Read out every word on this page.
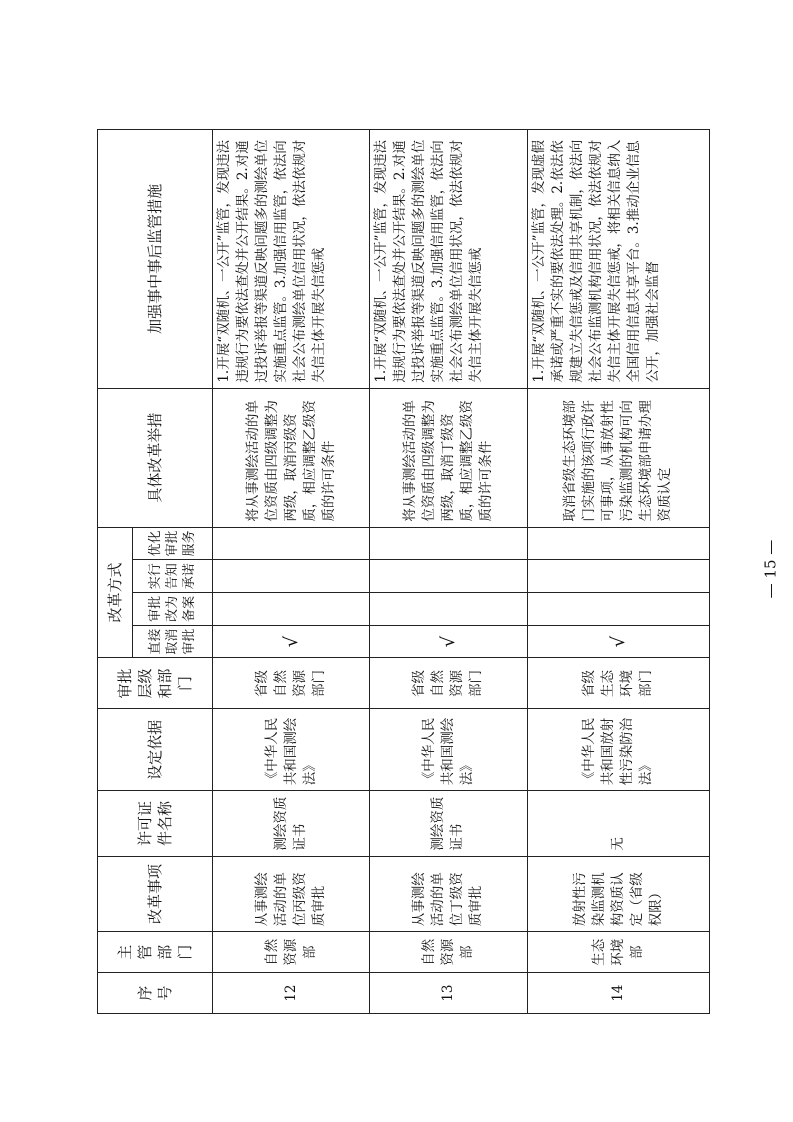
序号	主管部门	改革事项	许可证件名称	设定依据	审批层级和部门	改革方式				具体改革举措	加强事中事后监管措施
						直接取消审批	审批改为备案	实行告知承诺	优化审批服务		
12	自然资源部	从事测绘活动的单位丙级资质审批	测绘资质证书	《中华人民共和国测绘法》	省级自然资源部门	√				将从事测绘活动的单位资质由四级调整为两级，取消丙级资质，相应调整乙级资质的许可条件	1.开展“双随机、一公开”监管，发现违法违规行为要依法查处并公开结果。2.对通过投诉举报等渠道反映问题多的测绘单位实施重点监管。3.加强信用监管，依法向社会公布测绘单位信用状况，依法依规对失信主体开展失信惩戒
13	自然资源部	从事测绘活动的单位丁级资质审批	测绘资质证书	《中华人民共和国测绘法》	省级自然资源部门	√				将从事测绘活动的单位资质由四级调整为两级，取消丁级资质，相应调整乙级资质的许可条件	1.开展“双随机、一公开”监管，发现违法违规行为要依法查处并公开结果。2.对通过投诉举报等渠道反映问题多的测绘单位实施重点监管。3.加强信用监管，依法向社会公布测绘单位信用状况，依法依规对失信主体开展失信惩戒
14	生态环境部	放射性污染监测机构资质认定（省级权限）	无	《中华人民共和国放射性污染防治法》	省级生态环境部门	√				取消省级生态环境部门实施的该项行政许可事项，从事放射性污染监测的机构可向生态环境部申请办理资质认定	1.开展“双随机、一公开”监管，发现虚假承诺或严重不实的要依法处理。2.依法依规建立失信惩戒及信用共享机制，依法向社会公布监测机构信用状况，依法依规对失信主体开展失信惩戒，将相关信息纳入全国信用信息共享平台。3.推动企业信息公开，加强社会监督
— 15 —
